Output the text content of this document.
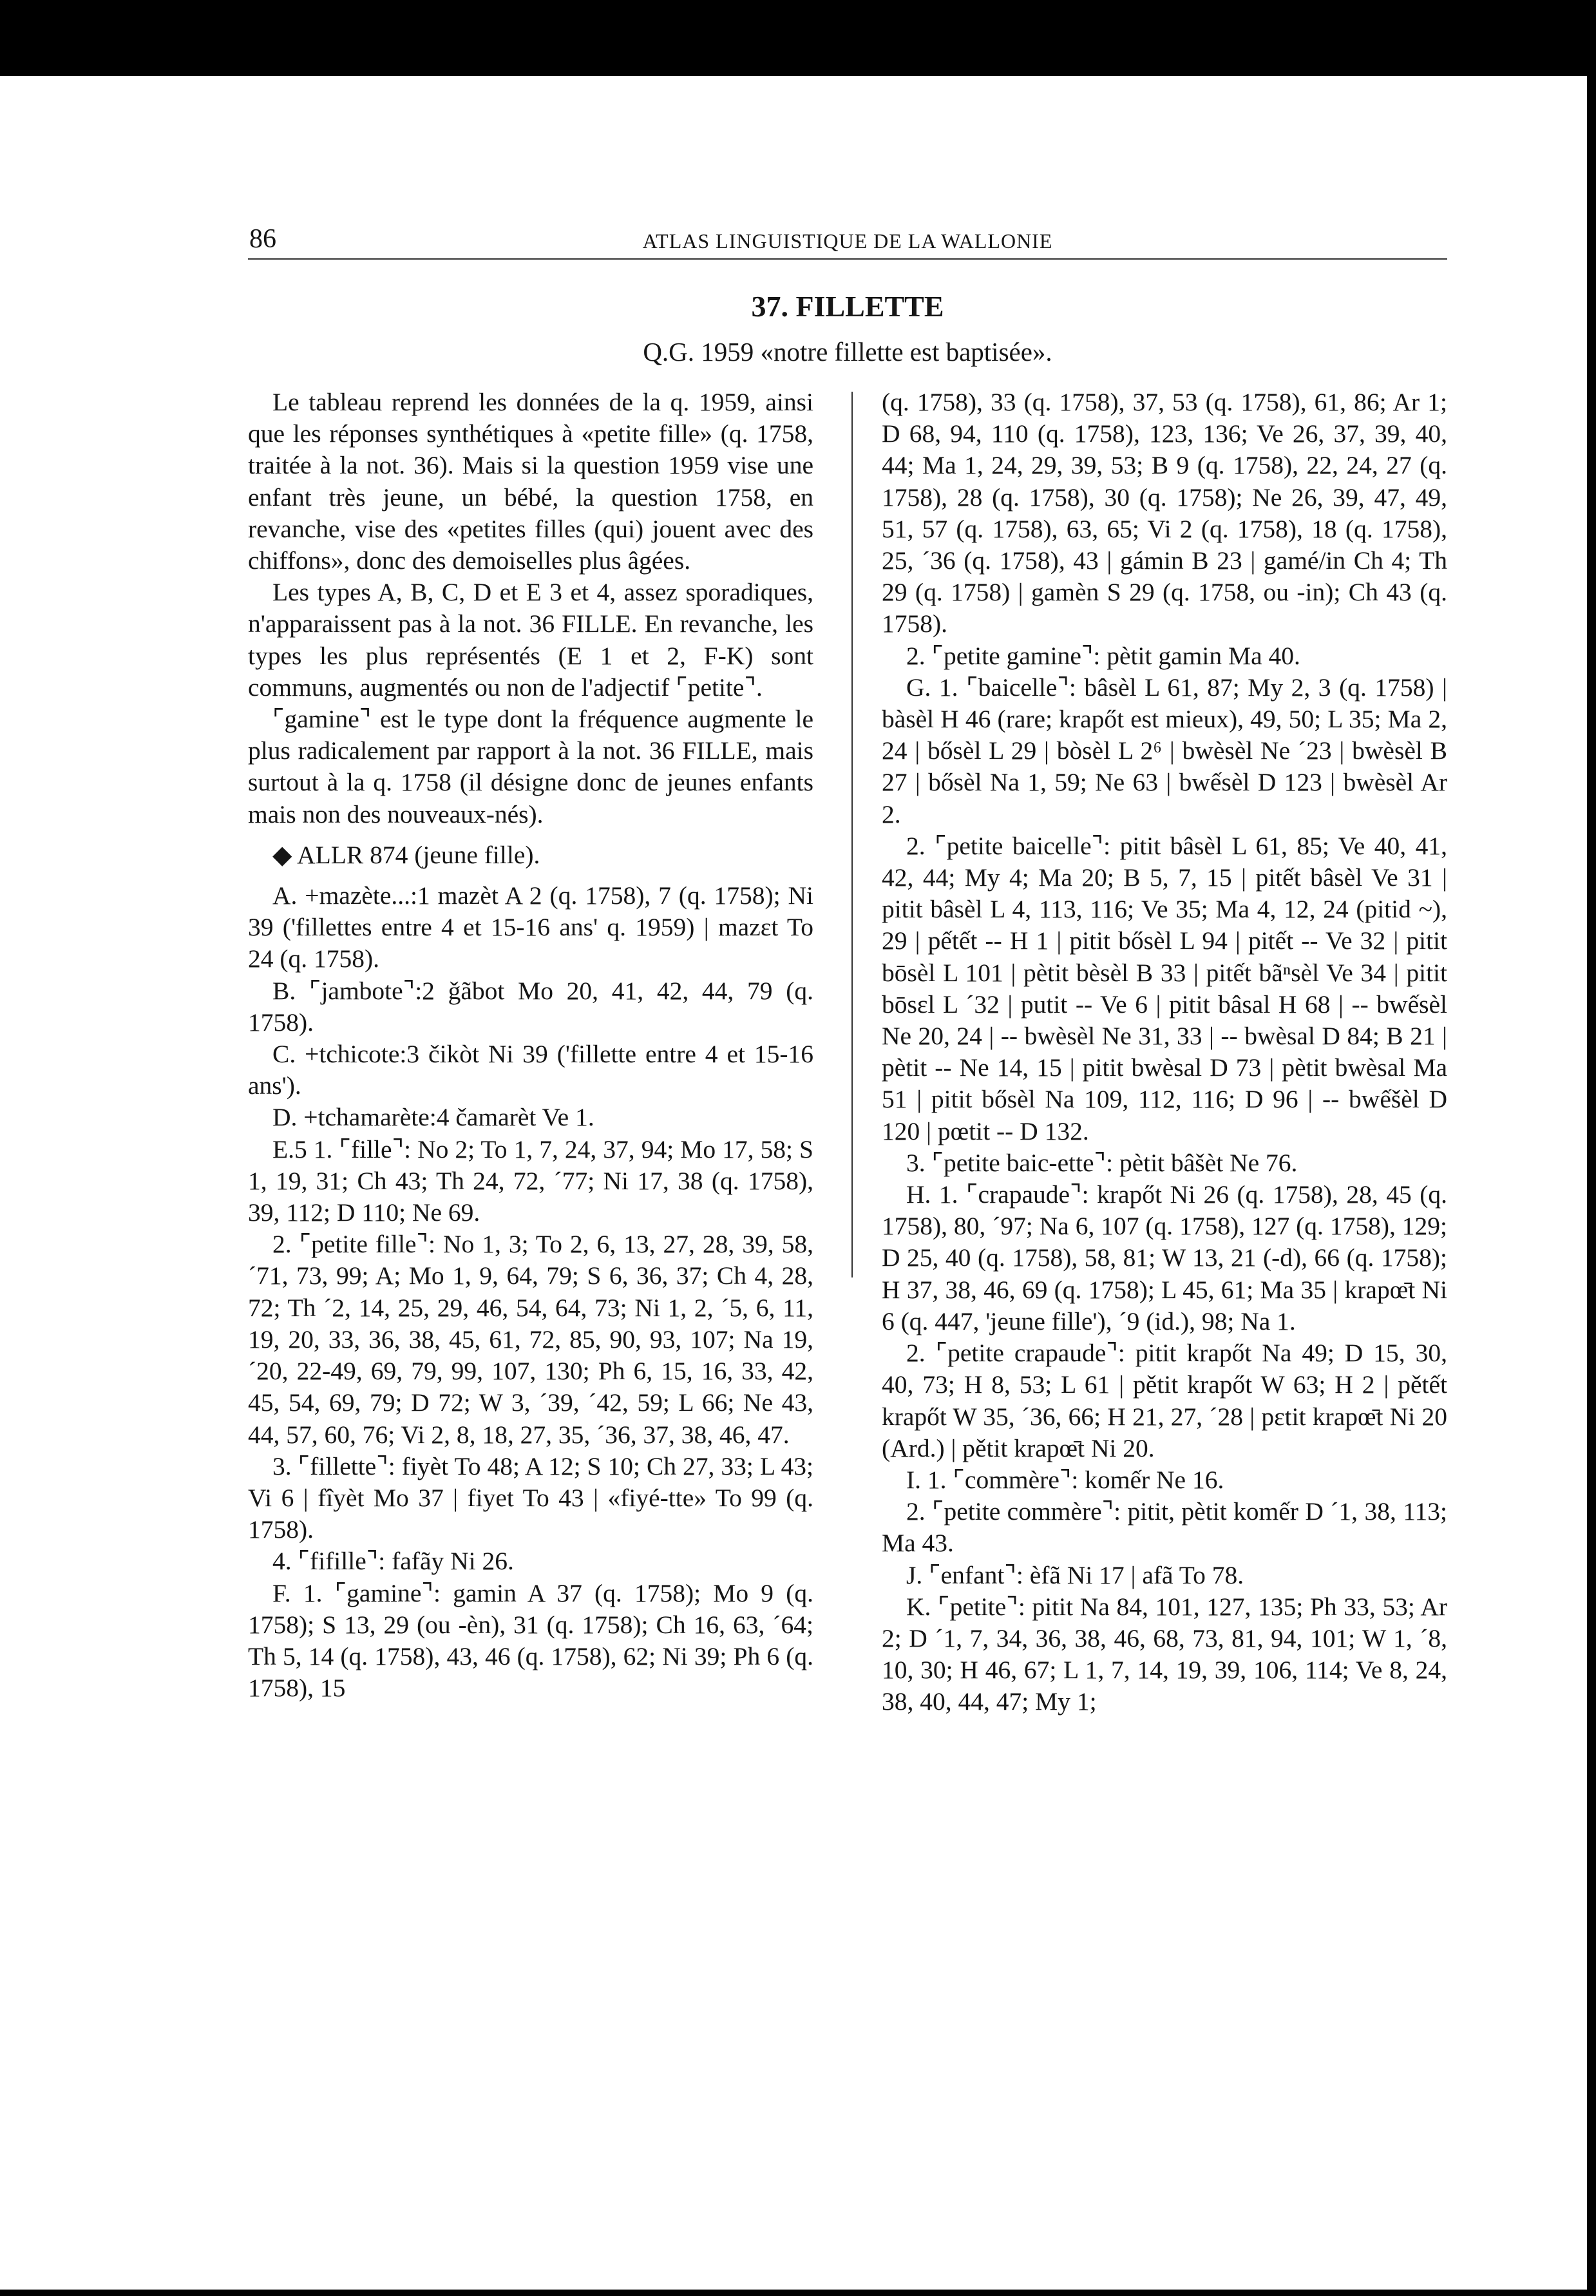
86	ATLAS LINGUISTIQUE DE LA WALLONIE
37. FILLETTE
Q.G. 1959 «notre fillette est baptisée».

Le tableau reprend les données de la q. 1959, ainsi que les réponses synthétiques à «petite fille» (q. 1758, traitée à la not. 36). Mais si la question 1959 vise une enfant très jeune, un bébé, la question 1758, en revanche, vise des «petites filles (qui) jouent avec des chiffons», donc des demoiselles plus âgées.

Les types A, B, C, D et E 3 et 4, assez sporadiques, n'apparaissent pas à la not. 36 FILLE. En revanche, les types les plus représentés (E 1 et 2, F-K) sont communs, augmentés ou non de l'adjectif ⌜petite⌝.

⌜gamine⌝ est le type dont la fréquence augmente le plus radicalement par rapport à la not. 36 FILLE, mais surtout à la q. 1758 (il désigne donc de jeunes enfants mais non des nouveaux-nés).

◆ ALLR 874 (jeune fille).

A. +mazète...:1 mazèt A 2 (q. 1758), 7 (q. 1758); Ni 39 ('fillettes entre 4 et 15-16 ans' q. 1959) | mazɛt To 24 (q. 1758).

B. ⌜jambote⌝:2 ǧãbot Mo 20, 41, 42, 44, 79 (q. 1758).

C. +tchicote:3 čikòt Ni 39 ('fillette entre 4 et 15-16 ans').

D. +tchamarète:4 čamarèt Ve 1.

E.5 1. ⌜fille⌝: No 2; To 1, 7, 24, 37, 94; Mo 17, 58; S 1, 19, 31; Ch 43; Th 24, 72, ´77; Ni 17, 38 (q. 1758), 39, 112; D 110; Ne 69.

2. ⌜petite fille⌝: No 1, 3; To 2, 6, 13, 27, 28, 39, 58, ´71, 73, 99; A; Mo 1, 9, 64, 79; S 6, 36, 37; Ch 4, 28, 72; Th ´2, 14, 25, 29, 46, 54, 64, 73; Ni 1, 2, ´5, 6, 11, 19, 20, 33, 36, 38, 45, 61, 72, 85, 90, 93, 107; Na 19, ´20, 22-49, 69, 79, 99, 107, 130; Ph 6, 15, 16, 33, 42, 45, 54, 69, 79; D 72; W 3, ´39, ´42, 59; L 66; Ne 43, 44, 57, 60, 76; Vi 2, 8, 18, 27, 35, ´36, 37, 38, 46, 47.

3. ⌜fillette⌝: fiyèt To 48; A 12; S 10; Ch 27, 33; L 43; Vi 6 | fîyèt Mo 37 | fiyet To 43 | «fiyé-tte» To 99 (q. 1758).

4. ⌜fifille⌝: fafãy Ni 26.

F. 1. ⌜gamine⌝: gamin A 37 (q. 1758); Mo 9 (q. 1758); S 13, 29 (ou -èn), 31 (q. 1758); Ch 16, 63, ´64; Th 5, 14 (q. 1758), 43, 46 (q. 1758), 62; Ni 39; Ph 6 (q. 1758), 15

(q. 1758), 33 (q. 1758), 37, 53 (q. 1758), 61, 86; Ar 1; D 68, 94, 110 (q. 1758), 123, 136; Ve 26, 37, 39, 40, 44; Ma 1, 24, 29, 39, 53; B 9 (q. 1758), 22, 24, 27 (q. 1758), 28 (q. 1758), 30 (q. 1758); Ne 26, 39, 47, 49, 51, 57 (q. 1758), 63, 65; Vi 2 (q. 1758), 18 (q. 1758), 25, ´36 (q. 1758), 43 | gámin B 23 | gamé/in Ch 4; Th 29 (q. 1758) | gamèn S 29 (q. 1758, ou -in); Ch 43 (q. 1758).

2. ⌜petite gamine⌝: pètit gamin Ma 40.

G. 1. ⌜baicelle⌝: bâsèl L 61, 87; My 2, 3 (q. 1758) | bàsèl H 46 (rare; krapőt est mieux), 49, 50; L 35; Ma 2, 24 | bősèl L 29 | bòsèl L 2⁶ | bwèsèl Ne ´23 | bwèsèl B 27 | bősèl Na 1, 59; Ne 63 | bwếsèl D 123 | bwèsèl Ar 2.

2. ⌜petite baicelle⌝: pitit bâsèl L 61, 85; Ve 40, 41, 42, 44; My 4; Ma 20; B 5, 7, 15 | pitết bâsèl Ve 31 | pitit bâsèl L 4, 113, 116; Ve 35; Ma 4, 12, 24 (pitid ~), 29 | pếtết -- H 1 | pitit bősèl L 94 | pitết -- Ve 32 | pitit bōsèl L 101 | pètit bèsèl B 33 | pitết bãⁿsèl Ve 34 | pitit bōsɛl L ´32 | putit -- Ve 6 | pitit bâsal H 68 | -- bwếsèl Ne 20, 24 | -- bwèsèl Ne 31, 33 | -- bwèsal D 84; B 21 | pètit -- Ne 14, 15 | pitit bwèsal D 73 | pètit bwèsal Ma 51 | pitit bősèl Na 109, 112, 116; D 96 | -- bwếšèl D 120 | pœtit -- D 132.

3. ⌜petite baic-ette⌝: pètit bâšèt Ne 76.

H. 1. ⌜crapaude⌝: krapőt Ni 26 (q. 1758), 28, 45 (q. 1758), 80, ´97; Na 6, 107 (q. 1758), 127 (q. 1758), 129; D 25, 40 (q. 1758), 58, 81; W 13, 21 (-d), 66 (q. 1758); H 37, 38, 46, 69 (q. 1758); L 45, 61; Ma 35 | krapœ̄t Ni 6 (q. 447, 'jeune fille'), ´9 (id.), 98; Na 1.

2. ⌜petite crapaude⌝: pitit krapőt Na 49; D 15, 30, 40, 73; H 8, 53; L 61 | pětit krapőt W 63; H 2 | pětết krapőt W 35, ´36, 66; H 21, 27, ´28 | pɛtit krapœ̄t Ni 20 (Ard.) | pětit krapœ̄t Ni 20.

I. 1. ⌜commère⌝: komếr Ne 16.

2. ⌜petite commère⌝: pitit, pètit komếr D ´1, 38, 113; Ma 43.

J. ⌜enfant⌝: èfã Ni 17 | afã To 78.

K. ⌜petite⌝: pitit Na 84, 101, 127, 135; Ph 33, 53; Ar 2; D ´1, 7, 34, 36, 38, 46, 68, 73, 81, 94, 101; W 1, ´8, 10, 30; H 46, 67; L 1, 7, 14, 19, 39, 106, 114; Ve 8, 24, 38, 40, 44, 47; My 1;
